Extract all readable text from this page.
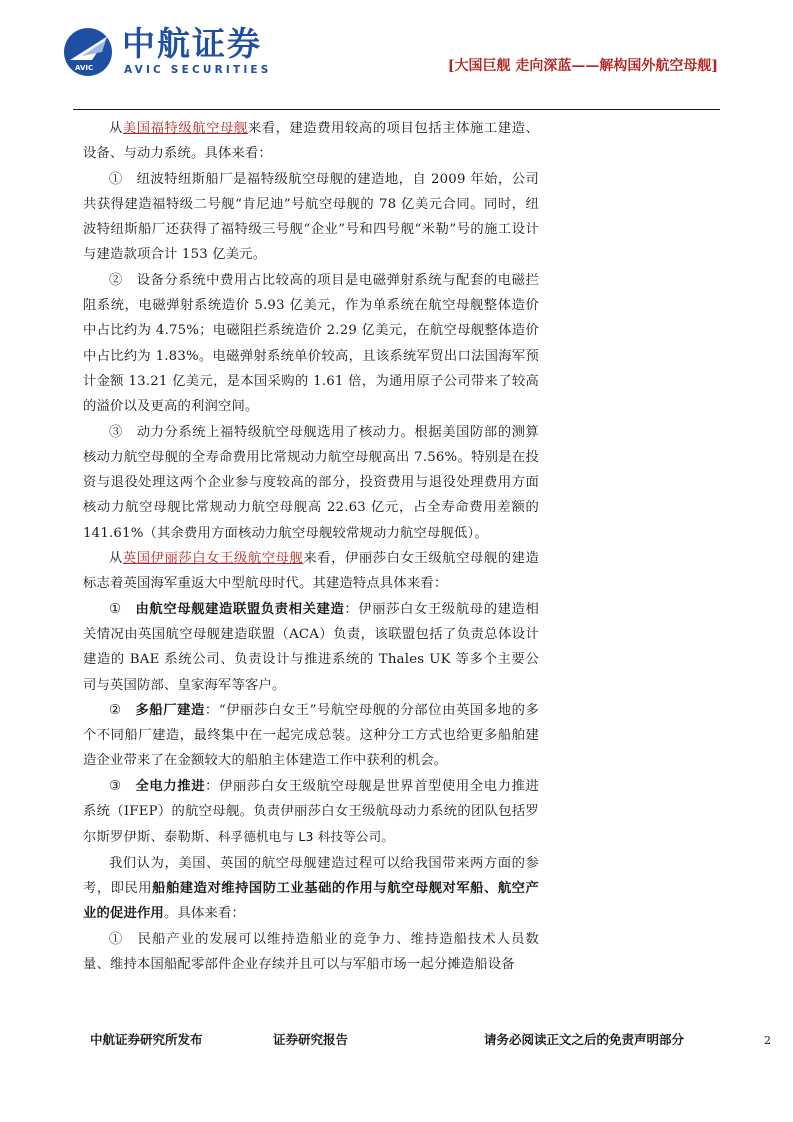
AVIC
中航证券
AVIC SECURITIES	[大国巨舰 走向深蓝——解构国外航空母舰]

从美国福特级航空母舰来看，建造费用较高的项目包括主体施工建造、设备、与动力系统。具体来看：

①　纽波特纽斯船厂是福特级航空母舰的建造地，自 2009 年始，公司共获得建造福特级二号舰“肯尼迪”号航空母舰的 78 亿美元合同。同时，纽波特纽斯船厂还获得了福特级三号舰“企业”号和四号舰“米勒”号的施工设计与建造款项合计 153 亿美元。

②　设备分系统中费用占比较高的项目是电磁弹射系统与配套的电磁拦阻系统，电磁弹射系统造价 5.93 亿美元，作为单系统在航空母舰整体造价中占比约为 4.75%；电磁阻拦系统造价 2.29 亿美元，在航空母舰整体造价中占比约为 1.83%。电磁弹射系统单价较高，且该系统军贸出口法国海军预计金额 13.21 亿美元，是本国采购的 1.61 倍，为通用原子公司带来了较高的溢价以及更高的利润空间。

③　动力分系统上福特级航空母舰选用了核动力。根据美国防部的测算核动力航空母舰的全寿命费用比常规动力航空母舰高出 7.56%。特别是在投资与退役处理这两个企业参与度较高的部分，投资费用与退役处理费用方面核动力航空母舰比常规动力航空母舰高 22.63 亿元，占全寿命费用差额的 141.61%（其余费用方面核动力航空母舰较常规动力航空母舰低）。

从英国伊丽莎白女王级航空母舰来看，伊丽莎白女王级航空母舰的建造标志着英国海军重返大中型航母时代。其建造特点具体来看：

①　由航空母舰建造联盟负责相关建造：伊丽莎白女王级航母的建造相关情况由英国航空母舰建造联盟（ACA）负责，该联盟包括了负责总体设计建造的 BAE 系统公司、负责设计与推进系统的 Thales UK 等多个主要公司与英国防部、皇家海军等客户。

②　多船厂建造：“伊丽莎白女王”号航空母舰的分部位由英国多地的多个不同船厂建造，最终集中在一起完成总装。这种分工方式也给更多船舶建造企业带来了在金额较大的船舶主体建造工作中获利的机会。

③　全电力推进：伊丽莎白女王级航空母舰是世界首型使用全电力推进系统（IFEP）的航空母舰。负责伊丽莎白女王级航母动力系统的团队包括罗尔斯罗伊斯、泰勒斯、科孚德机电与 L3 科技等公司。

我们认为，美国、英国的航空母舰建造过程可以给我国带来两方面的参考，即民用船舶建造对维持国防工业基础的作用与航空母舰对军船、航空产业的促进作用。具体来看：

①　民船产业的发展可以维持造船业的竞争力、维持造船技术人员数量、维持本国船配零部件企业存续并且可以与军船市场一起分摊造船设备

中航证券研究所发布	证券研究报告	请务必阅读正文之后的免责声明部分	2
